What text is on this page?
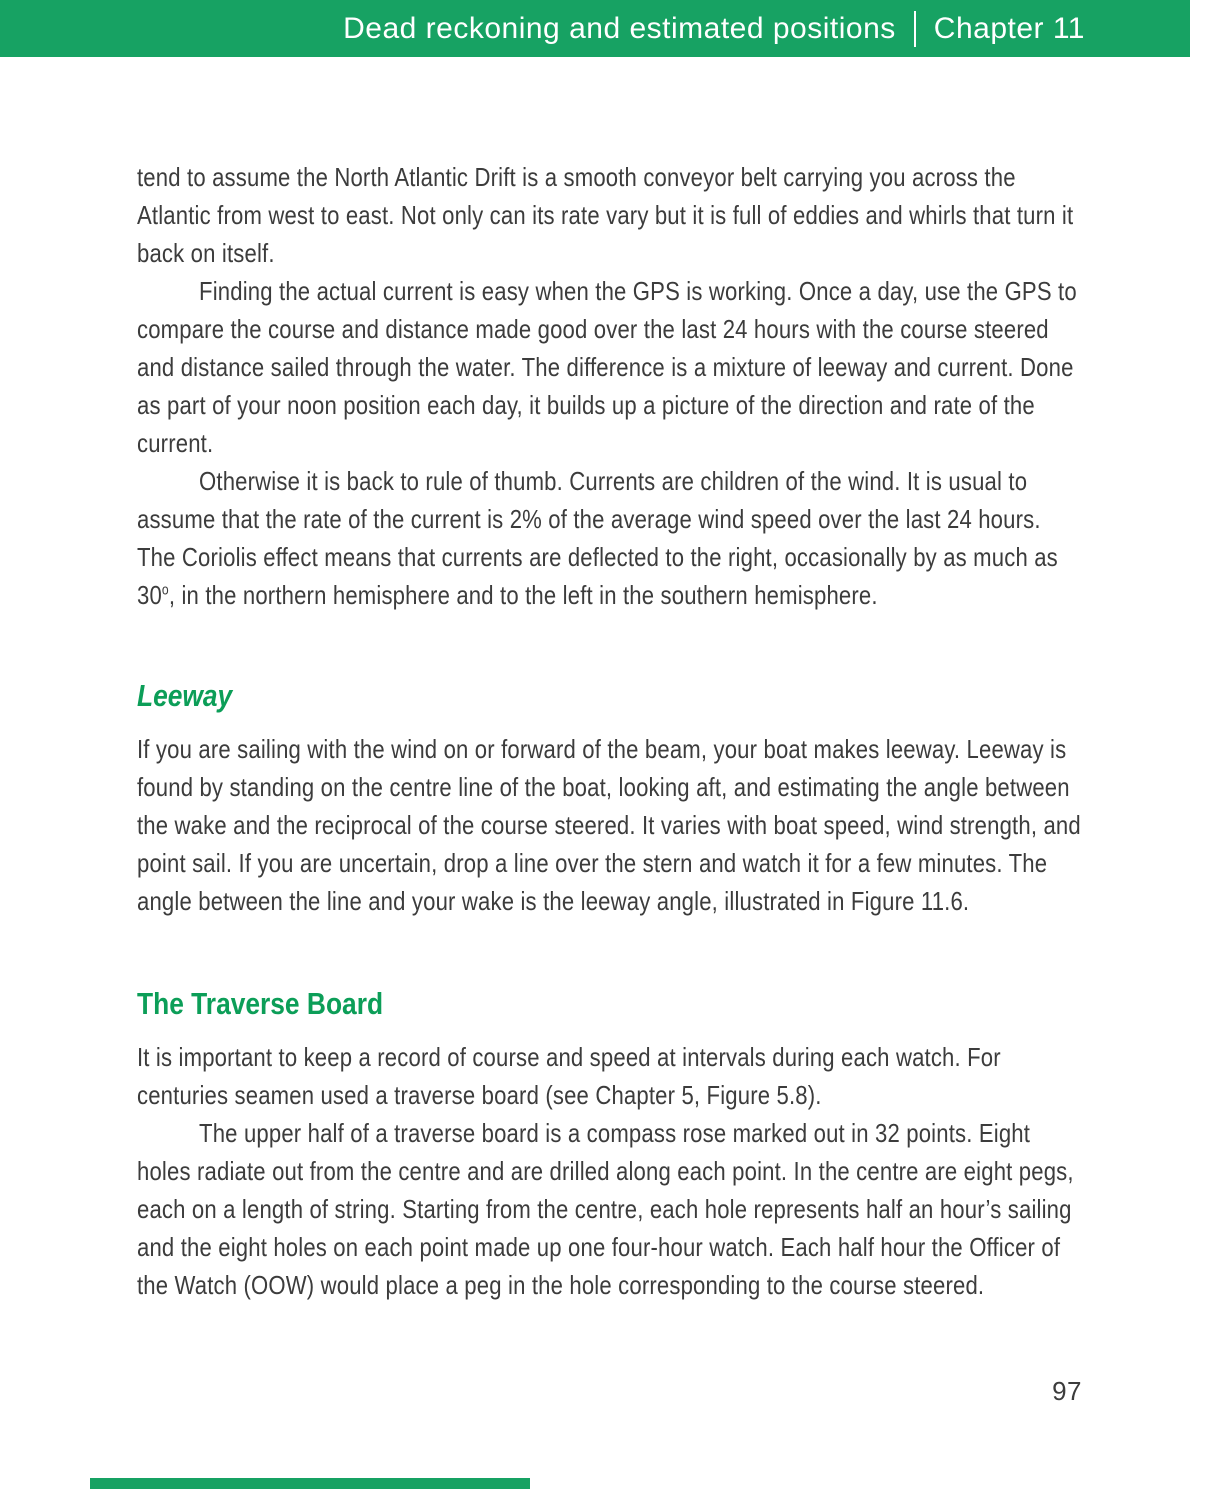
Dead reckoning and estimated positions Chapter 11

tend to assume the North Atlantic Drift is a smooth conveyor belt carrying you across the Atlantic from west to east. Not only can its rate vary but it is full of eddies and whirls that turn it back on itself.

Finding the actual current is easy when the GPS is working. Once a day, use the GPS to compare the course and distance made good over the last 24 hours with the course steered and distance sailed through the water. The difference is a mixture of leeway and current. Done as part of your noon position each day, it builds up a picture of the direction and rate of the current.

Otherwise it is back to rule of thumb. Currents are children of the wind. It is usual to assume that the rate of the current is 2% of the average wind speed over the last 24 hours. The Coriolis effect means that currents are deflected to the right, occasionally by as much as 30$^o$, in the northern hemisphere and to the left in the southern hemisphere.

Leeway

If you are sailing with the wind on or forward of the beam, your boat makes leeway. Leeway is found by standing on the centre line of the boat, looking aft, and estimating the angle between the wake and the reciprocal of the course steered. It varies with boat speed, wind strength, and point sail. If you are uncertain, drop a line over the stern and watch it for a few minutes. The angle between the line and your wake is the leeway angle, illustrated in Figure 11.6.

The Traverse Board

It is important to keep a record of course and speed at intervals during each watch. For centuries seamen used a traverse board (see Chapter 5, Figure 5.8).

The upper half of a traverse board is a compass rose marked out in 32 points. Eight holes radiate out from the centre and are drilled along each point. In the centre are eight pegs, each on a length of string. Starting from the centre, each hole represents half an hour’s sailing and the eight holes on each point made up one four-hour watch. Each half hour the Officer of the Watch (OOW) would place a peg in the hole corresponding to the course steered.

97
